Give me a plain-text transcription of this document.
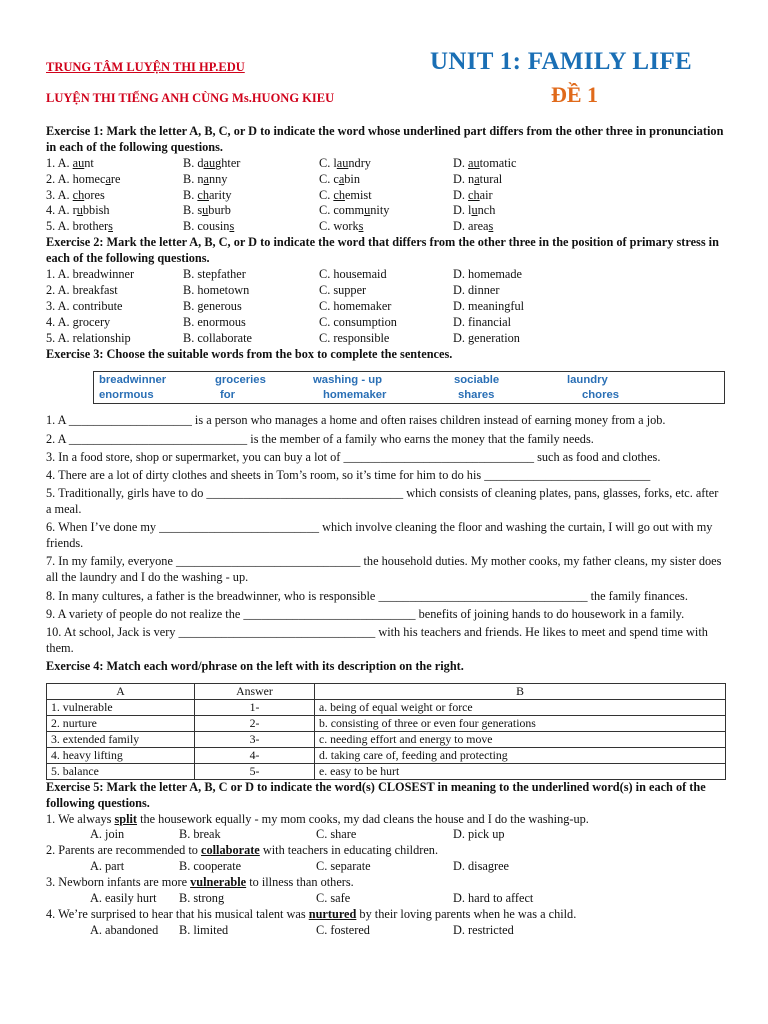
TRUNG TÂM LUYỆN THI HP.EDU
LUYỆN THI TIẾNG ANH CÙNG Ms.HUONG KIEU
UNIT 1: FAMILY LIFE
ĐỀ 1

Exercise 1: Mark the letter A, B, C, or D to indicate the word whose underlined part differs from the other three in pronunciation in each of the following questions.

1. A. aunt	B. daughter	C. laundry	D. automatic
2. A. homecare	B. nanny	C. cabin	D. natural
3. A. chores	B. charity	C. chemist	D. chair
4. A. rubbish	B. suburb	C. community	D. lunch
5. A. brothers	B. cousins	C. works	D. areas

Exercise 2: Mark the letter A, B, C, or D to indicate the word that differs from the other three in the position of primary stress in each of the following questions.

1. A. breadwinner	B. stepfather	C. housemaid	D. homemade
2. A. breakfast	B. hometown	C. supper	D. dinner
3. A. contribute	B. generous	C. homemaker	D. meaningful
4. A. grocery	B. enormous	C. consumption	D. financial
5. A. relationship	B. collaborate	C. responsible	D. generation

Exercise 3: Choose the suitable words from the box to complete the sentences.

breadwinner	groceries	washing - up	sociable	laundry
enormous	for	homemaker	shares	chores

1. A ____________________ is a person who manages a home and often raises children instead of earning money from a job.

2. A _____________________________ is the member of a family who earns the money that the family needs.

3. In a food store, shop or supermarket, you can buy a lot of _______________________________ such as food and clothes.

4. There are a lot of dirty clothes and sheets in Tom’s room, so it’s time for him to do his ___________________________

5. Traditionally, girls have to do ________________________________ which consists of cleaning plates, pans, glasses, forks, etc. after a meal.

6. When I’ve done my __________________________ which involve cleaning the floor and washing the curtain, I will go out with my friends.

7. In my family, everyone ______________________________ the household duties. My mother cooks, my father cleans, my sister does all the laundry and I do the washing - up.

8. In many cultures, a father is the breadwinner, who is responsible __________________________________ the family finances.

9. A variety of people do not realize the ____________________________ benefits of joining hands to do housework in a family.

10. At school, Jack is very ________________________________ with his teachers and friends. He likes to meet and spend time with them.

Exercise 4: Match each word/phrase on the left with its description on the right.

A	Answer	B
1. vulnerable	1-	a. being of equal weight or force
2. nurture	2-	b. consisting of three or even four generations
3. extended family	3-	c. needing effort and energy to move
4. heavy lifting	4-	d. taking care of, feeding and protecting
5. balance	5-	e. easy to be hurt

Exercise 5: Mark the letter A, B, C or D to indicate the word(s) CLOSEST in meaning to the underlined word(s) in each of the following questions.

1. We always split the housework equally - my mom cooks, my dad cleans the house and I do the washing-up.

A. join	B. break	C. share	D. pick up

2. Parents are recommended to collaborate with teachers in educating children.

A. part	B. cooperate	C. separate	D. disagree

3. Newborn infants are more vulnerable to illness than others.

A. easily hurt	B. strong	C. safe	D. hard to affect

4. We’re surprised to hear that his musical talent was nurtured by their loving parents when he was a child.

A. abandoned	B. limited	C. fostered	D. restricted
